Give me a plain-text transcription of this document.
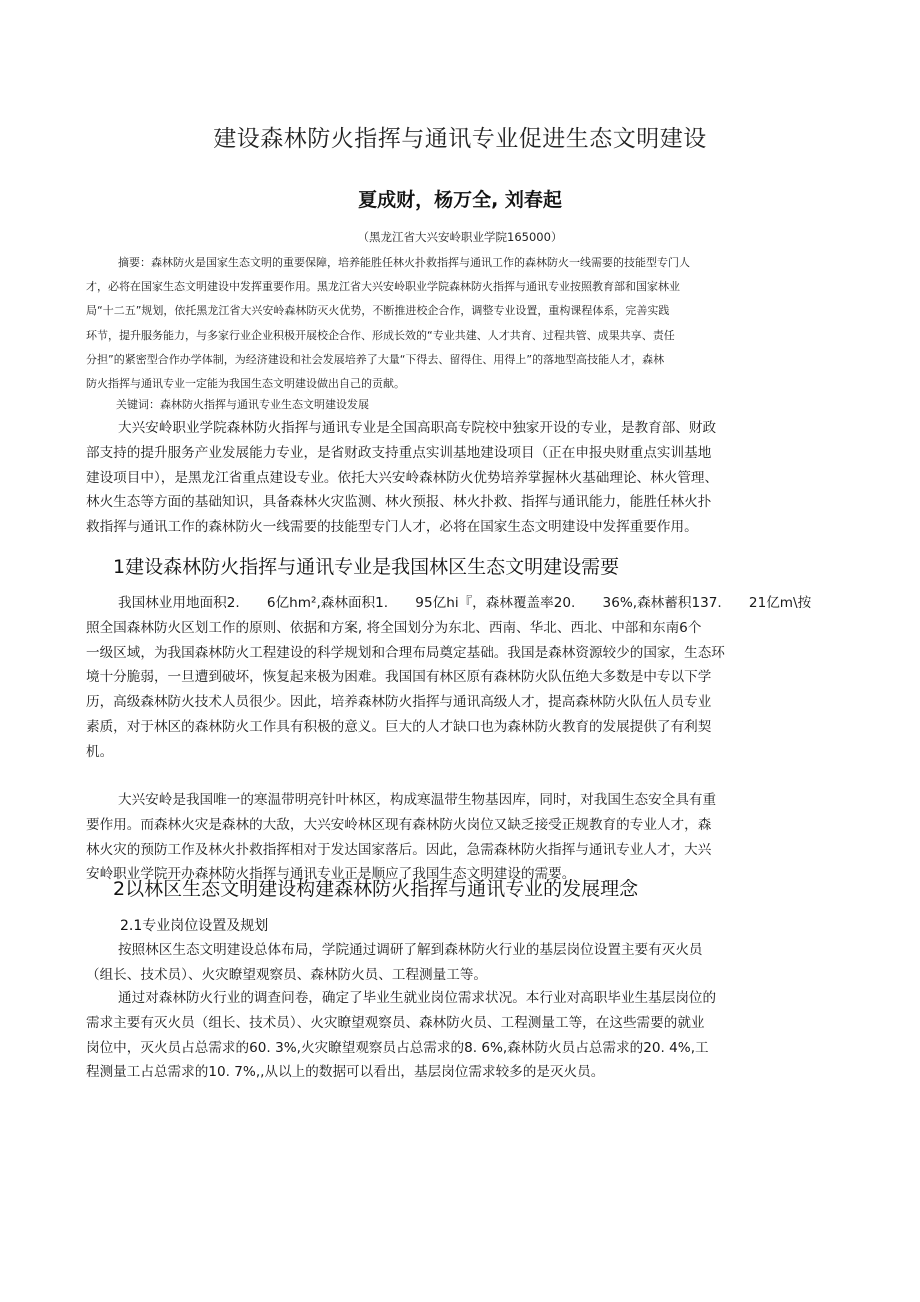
建设森林防火指挥与通讯专业促进生态文明建设
夏成财，杨万全, 刘春起
（黑龙江省大兴安岭职业学院165000）
摘要：森林防火是国家生态文明的重要保障，培养能胜任林火扑救指挥与通讯工作的森林防火一线需要的技能型专门人
才，必将在国家生态文明建设中发挥重要作用。黑龙江省大兴安岭职业学院森林防火指挥与通讯专业按照教育部和国家林业
局“十二五”规划，依托黑龙江省大兴安岭森林防灭火优势，不断推进校企合作，调整专业设置，重构课程体系，完善实践
环节，提升服务能力，与多家行业企业积极开展校企合作、形成长效的“专业共建、人才共育、过程共管、成果共享、责任
分担”的紧密型合作办学体制，为经济建设和社会发展培养了大量“下得去、留得住、用得上”的落地型高技能人才，森林
防火指挥与通讯专业一定能为我国生态文明建设做出自己的贡献。
关键词：森林防火指挥与通讯专业生态文明建设发展
大兴安岭职业学院森林防火指挥与通讯专业是全国高职高专院校中独家开设的专业，是教育部、财政
部支持的提升服务产业发展能力专业，是省财政支持重点实训基地建设项目（正在申报央财重点实训基地
建设项目中），是黑龙江省重点建设专业。依托大兴安岭森林防火优势培养掌握林火基础理论、林火管理、
林火生态等方面的基础知识，具备森林火灾监测、林火预报、林火扑救、指挥与通讯能力，能胜任林火扑
救指挥与通讯工作的森林防火一线需要的技能型专门人才，必将在国家生态文明建设中发挥重要作用。
1建设森林防火指挥与通讯专业是我国林区生态文明建设需要
我国林业用地面积2.　　6亿hm²,森林面积1.　　95亿hi『，森林覆盖率20.　　36%,森林蓄积137.　　21亿m\按
照全国森林防火区划工作的原则、依据和方案, 将全国划分为东北、西南、华北、西北、中部和东南6个
一级区域，为我国森林防火工程建设的科学规划和合理布局奠定基础。我国是森林资源较少的国家，生态环
境十分脆弱，一旦遭到破坏，恢复起来极为困难。我国国有林区原有森林防火队伍绝大多数是中专以下学
历，高级森林防火技术人员很少。因此，培养森林防火指挥与通讯高级人才，提高森林防火队伍人员专业
素质，对于林区的森林防火工作具有积极的意义。巨大的人才缺口也为森林防火教育的发展提供了有利契
机。
大兴安岭是我国唯一的寒温带明亮针叶林区，构成寒温带生物基因库，同时，对我国生态安全具有重
要作用。而森林火灾是森林的大敌，大兴安岭林区现有森林防火岗位又缺乏接受正规教育的专业人才，森
林火灾的预防工作及林火扑救指挥相对于发达国家落后。因此，急需森林防火指挥与通讯专业人才，大兴
安岭职业学院开办森林防火指挥与通讯专业正是顺应了我国生态文明建设的需要。
2以林区生态文明建设构建森林防火指挥与通讯专业的发展理念
2.1专业岗位设置及规划
按照林区生态文明建设总体布局，学院通过调研了解到森林防火行业的基层岗位设置主要有灭火员
（组长、技术员）、火灾瞭望观察员、森林防火员、工程测量工等。
通过对森林防火行业的调查问卷，确定了毕业生就业岗位需求状况。本行业对高职毕业生基层岗位的
需求主要有灭火员（组长、技术员）、火灾瞭望观察员、森林防火员、工程测量工等，在这些需要的就业
岗位中，灭火员占总需求的60. 3%,火灾瞭望观察员占总需求的8. 6%,森林防火员占总需求的20. 4%,工
程测量工占总需求的10. 7%,,从以上的数据可以看出，基层岗位需求较多的是灭火员。
